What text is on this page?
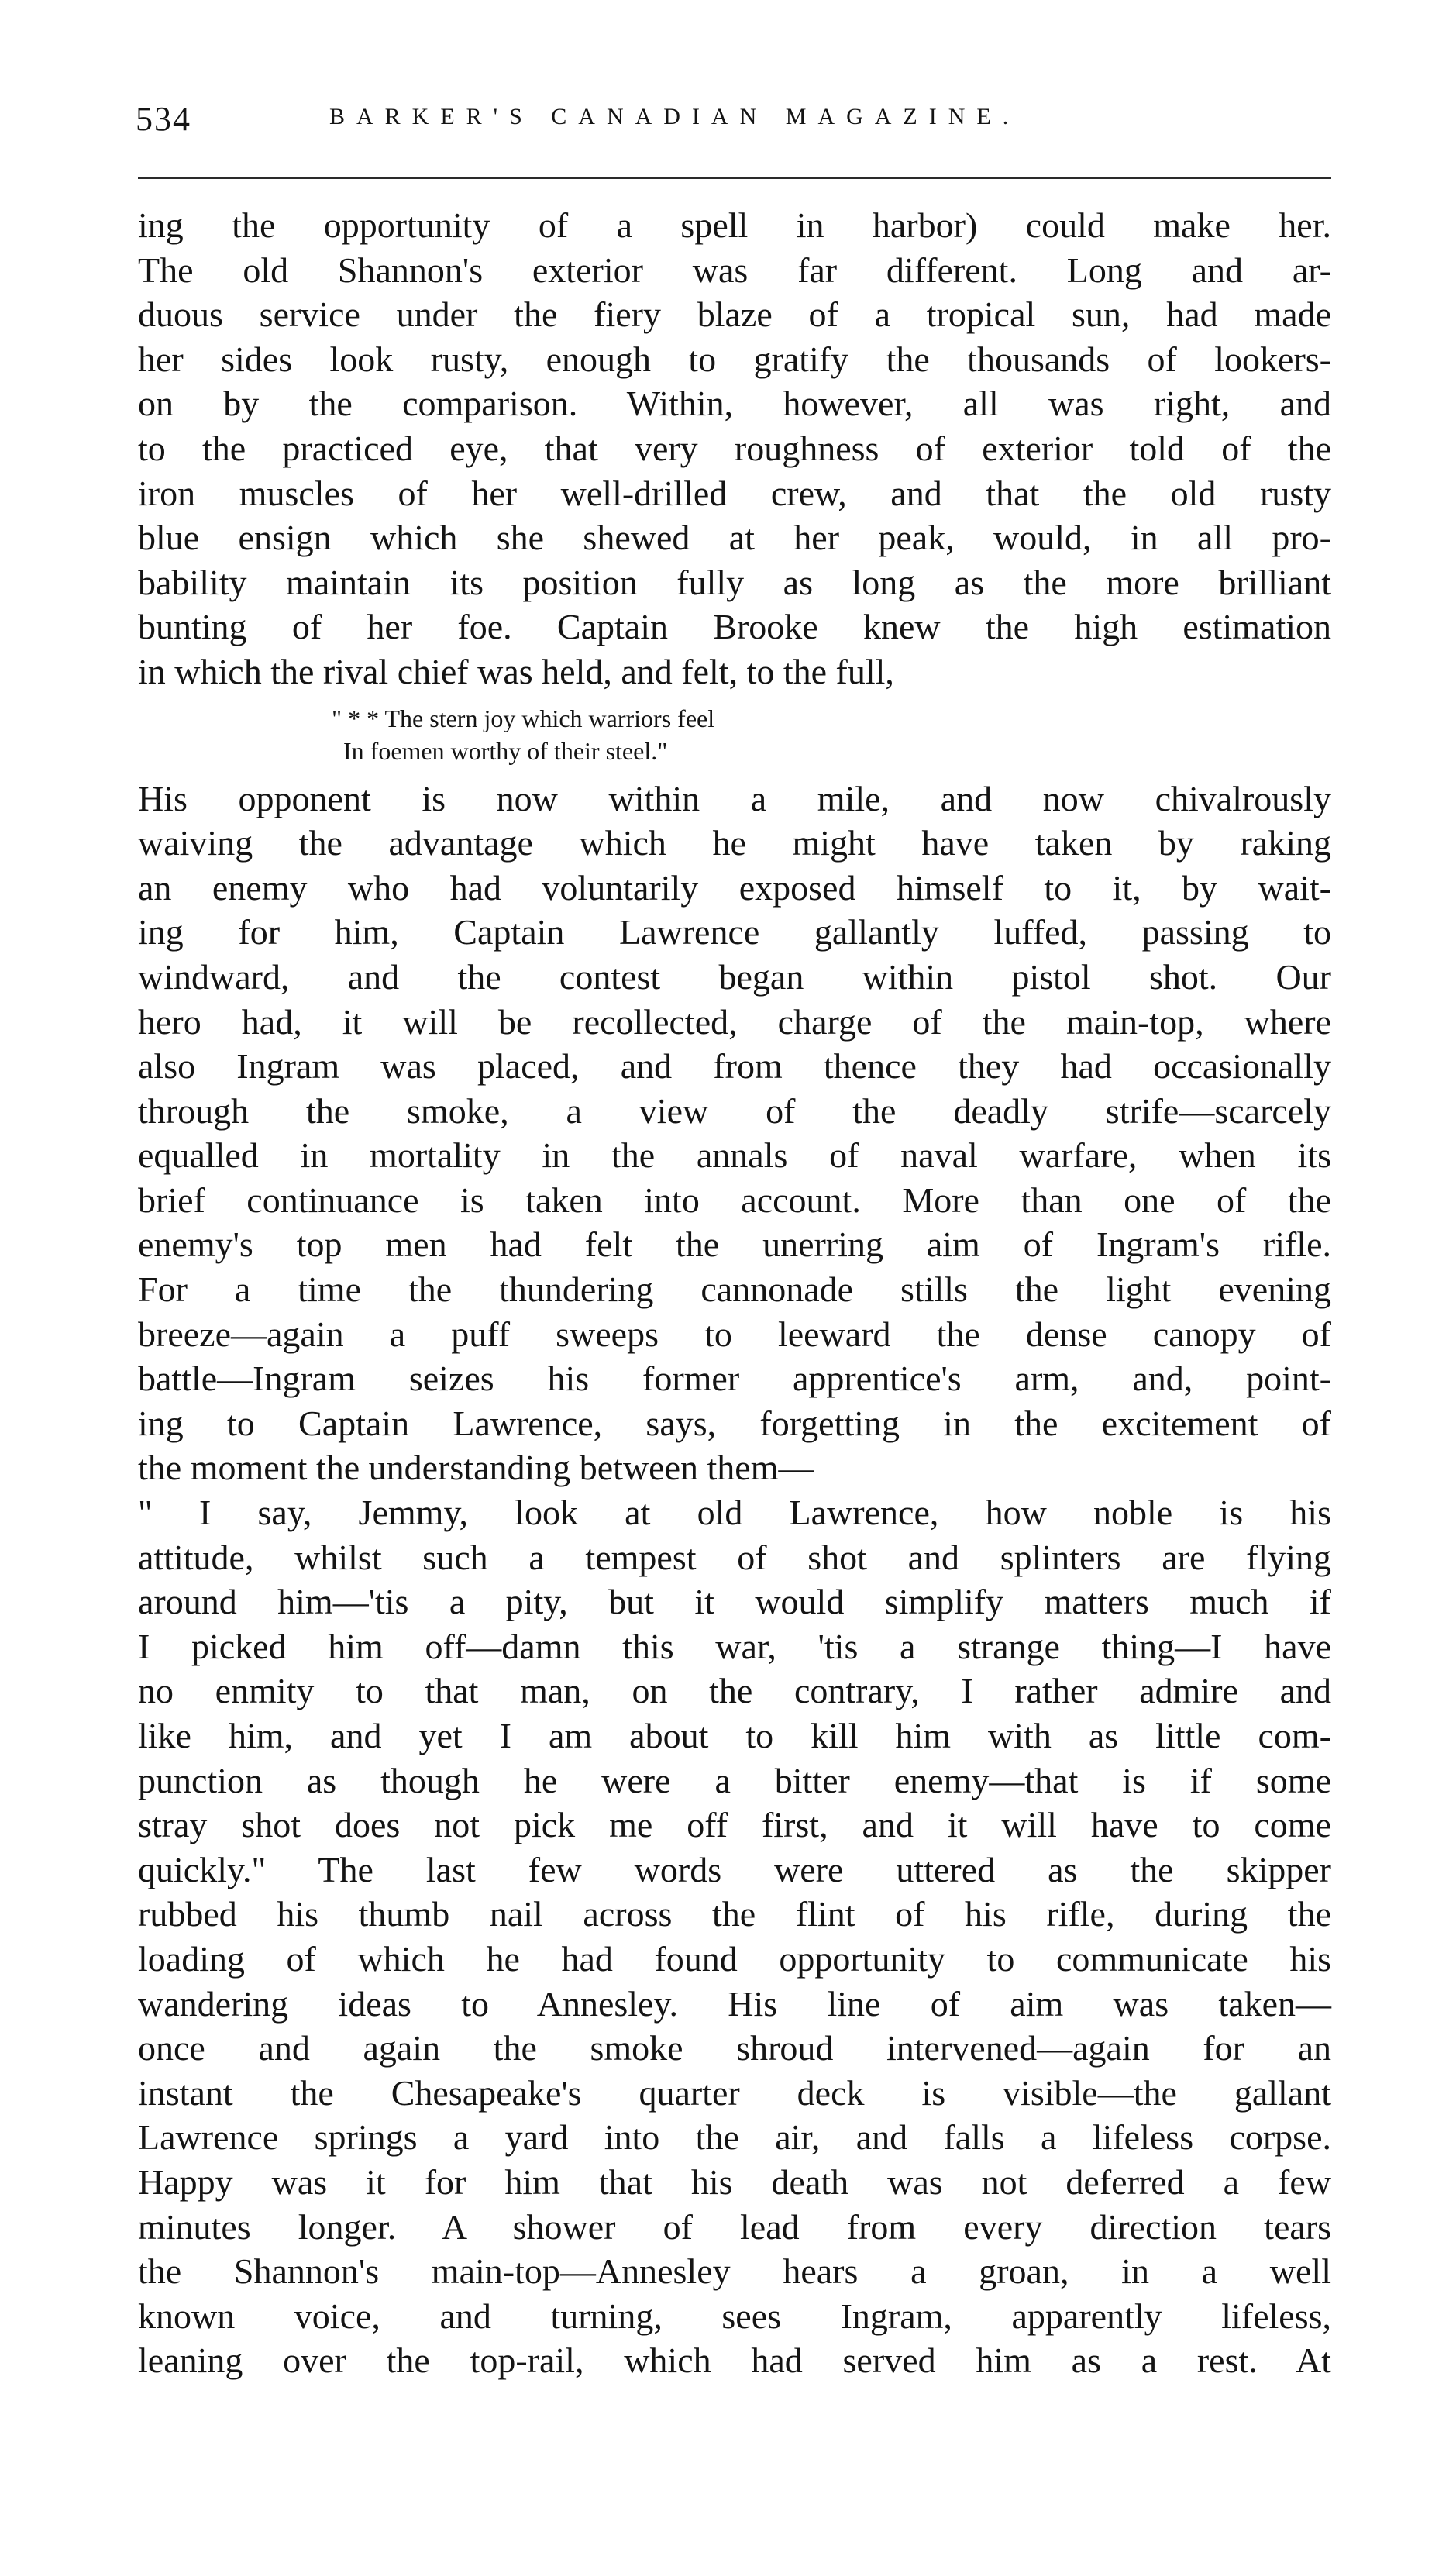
534	BARKER'S CANADIAN MAGAZINE.
ing the opportunity of a spell in harbor) could make her.
The old Shannon's exterior was far different. Long and ar-
duous service under the fiery blaze of a tropical sun, had made
her sides look rusty, enough to gratify the thousands of lookers-
on by the comparison. Within, however, all was right, and
to the practiced eye, that very roughness of exterior told of the
iron muscles of her well-drilled crew, and that the old rusty
blue ensign which she shewed at her peak, would, in all pro-
bability maintain its position fully as long as the more brilliant
bunting of her foe. Captain Brooke knew the high estimation
in which the rival chief was held, and felt, to the full,
" * * The stern joy which warriors feel
In foemen worthy of their steel."
His opponent is now within a mile, and now chivalrously
waiving the advantage which he might have taken by raking
an enemy who had voluntarily exposed himself to it, by wait-
ing for him, Captain Lawrence gallantly luffed, passing to
windward, and the contest began within pistol shot. Our
hero had, it will be recollected, charge of the main-top, where
also Ingram was placed, and from thence they had occasionally
through the smoke, a view of the deadly strife—scarcely
equalled in mortality in the annals of naval warfare, when its
brief continuance is taken into account. More than one of the
enemy's top men had felt the unerring aim of Ingram's rifle.
For a time the thundering cannonade stills the light evening
breeze—again a puff sweeps to leeward the dense canopy of
battle—Ingram seizes his former apprentice's arm, and, point-
ing to Captain Lawrence, says, forgetting in the excitement of
the moment the understanding between them—
" I say, Jemmy, look at old Lawrence, how noble is his
attitude, whilst such a tempest of shot and splinters are flying
around him—'tis a pity, but it would simplify matters much if
I picked him off—damn this war, 'tis a strange thing—I have
no enmity to that man, on the contrary, I rather admire and
like him, and yet I am about to kill him with as little com-
punction as though he were a bitter enemy—that is if some
stray shot does not pick me off first, and it will have to come
quickly." The last few words were uttered as the skipper
rubbed his thumb nail across the flint of his rifle, during the
loading of which he had found opportunity to communicate his
wandering ideas to Annesley. His line of aim was taken—
once and again the smoke shroud intervened—again for an
instant the Chesapeake's quarter deck is visible—the gallant
Lawrence springs a yard into the air, and falls a lifeless corpse.
Happy was it for him that his death was not deferred a few
minutes longer. A shower of lead from every direction tears
the Shannon's main-top—Annesley hears a groan, in a well
known voice, and turning, sees Ingram, apparently lifeless,
leaning over the top-rail, which had served him as a rest. At
